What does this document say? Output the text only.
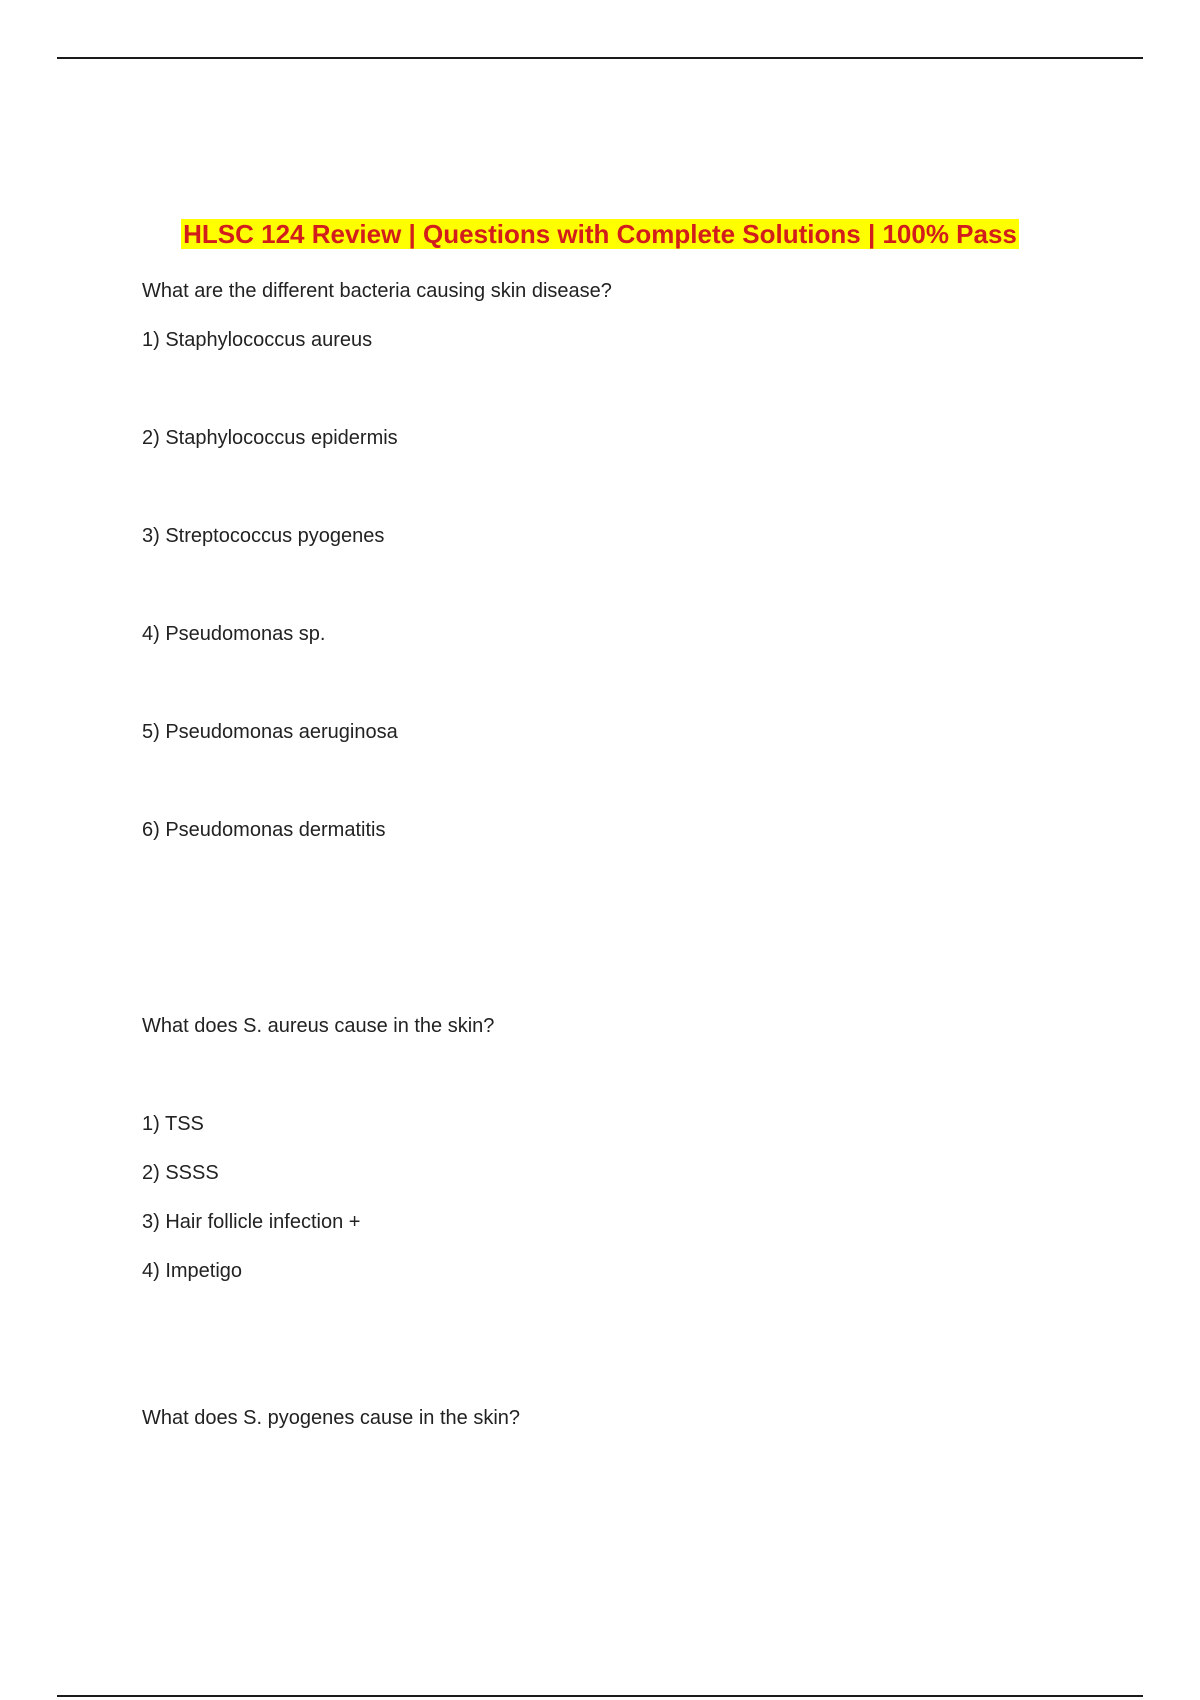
HLSC 124 Review | Questions with Complete Solutions | 100% Pass
What are the different bacteria causing skin disease?
1) Staphylococcus aureus
2) Staphylococcus epidermis
3) Streptococcus pyogenes
4) Pseudomonas sp.
5) Pseudomonas aeruginosa
6) Pseudomonas dermatitis
What does S. aureus cause in the skin?
1) TSS
2) SSSS
3) Hair follicle infection +
4) Impetigo
What does S. pyogenes cause in the skin?
